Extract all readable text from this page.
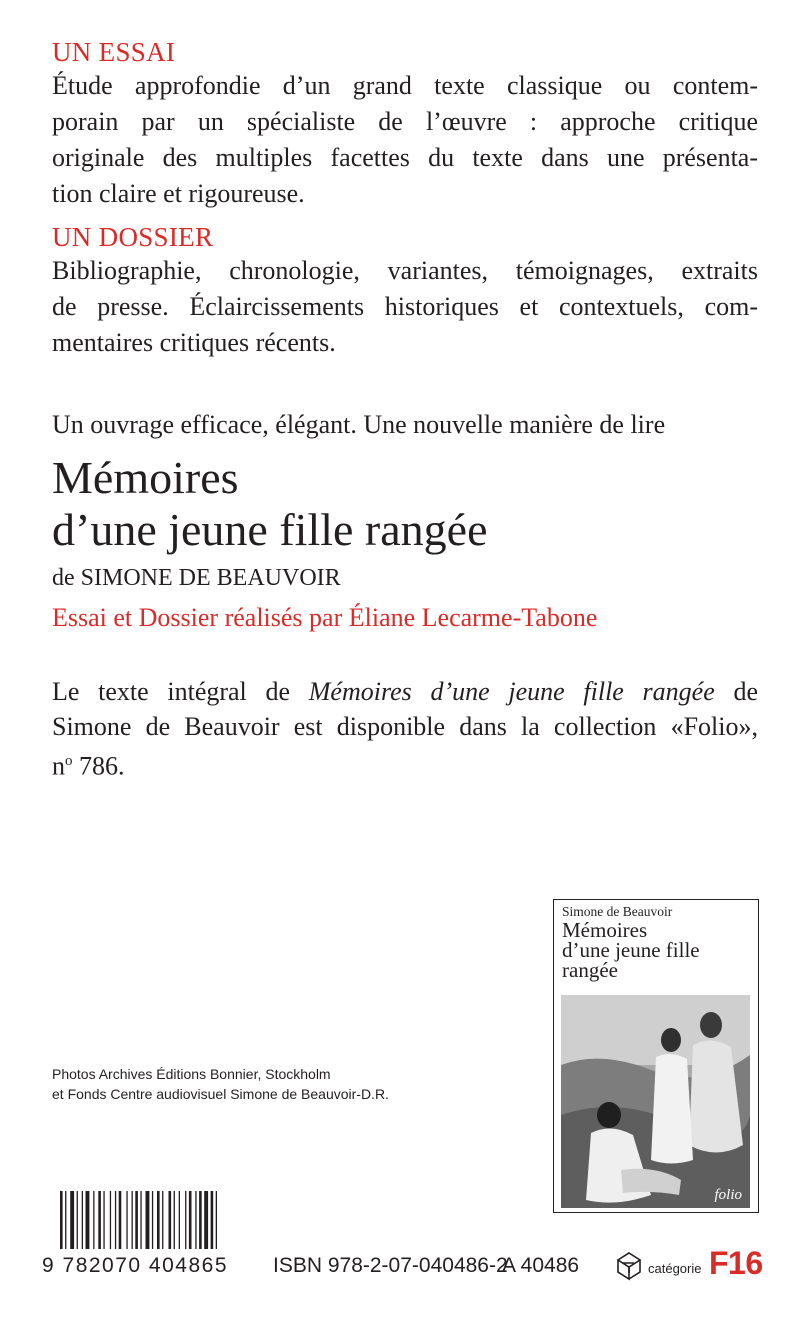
UN ESSAI
Étude approfondie d’un grand texte classique ou contem-
porain par un spécialiste de l’œuvre : approche critique
originale des multiples facettes du texte dans une présenta-
tion claire et rigoureuse.
UN DOSSIER
Bibliographie, chronologie, variantes, témoignages, extraits
de presse. Éclaircissements historiques et contextuels, com-
mentaires critiques récents.
Un ouvrage efficace, élégant. Une nouvelle manière de lire
Mémoires
d’une jeune fille rangée
de SIMONE DE BEAUVOIR
Essai et Dossier réalisés par Éliane Lecarme-Tabone
Le texte intégral de Mémoires d’une jeune fille rangée de
Simone de Beauvoir est disponible dans la collection «Folio»,
$n^o$ 786.
Photos Archives Éditions Bonnier, Stockholm
et Fonds Centre audiovisuel Simone de Beauvoir-D.R.
Simone de Beauvoir
Mémoires
d’une jeune fille
rangée
folio
9 782070 404865 ISBN 978-2-07-040486-2
A 40486	catégorie F16
